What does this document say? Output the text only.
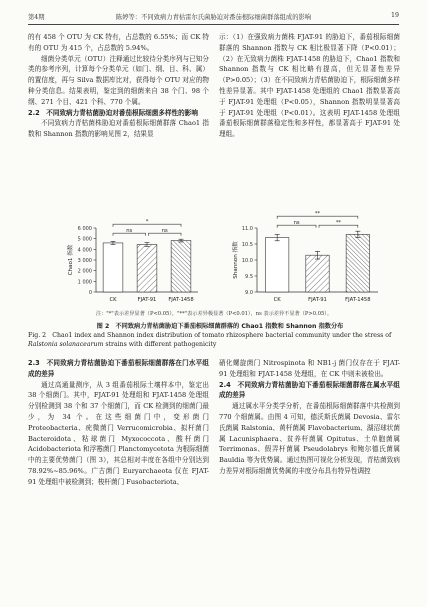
第4期	陈婷等：不同致病力青枯雷尔氏菌胁迫对番茄根际细菌群落组成的影响	19

的有 458 个 OTU 为 CK 特有，占总数的 6.55%；而 CK 特有的 OTU 为 415 个，占总数的 5.94%。

细菌分类单元（OTU）注释通过比较待分类序列与已知分类的参考序列，计算每个分类单元（如门、纲、目、科、属）的置信度，再与 Silva 数据库比对，获得每个 OTU 对应的物种分类信息。结果表明，鉴定到的细菌来自 38 个门、98 个纲、271 个目、421 个科、770 个属。

2.2　不同致病力青枯菌胁迫对番茄根际细菌多样性的影响

不同致病力青枯菌株胁迫对番茄根际细菌群落 Chao1 指数和 Shannon 指数的影响见图 2，结果显

示：（1）在强致病力菌株 FJAT-91 的胁迫下，番茄根际细菌群落的 Shannon 指数与 CK 相比极显著下降（P<0.01）；（2）在无致病力菌株 FJAT-1458 的胁迫下，Chao1 指数和 Shannon 指数与 CK 相比略有提高，但无显著性差异（P>0.05）；（3）在不同致病力青枯菌胁迫下，根际细菌多样性差异显著。其中 FJAT-1458 处理组的 Chao1 指数显著高于 FJAT-91 处理组（P<0.05），Shannon 指数明显显著高于 FJAT-91 处理组（P<0.01）。这表明 FJAT-1458 处理组番茄根际细菌群落稳定性和多样性，都显著高于 FJAT-91 处理组。

0
1 000
2 000
3 000
4 000
5 000
6 000
Chao1 指数
CK	FJAT-91 FJAT-1458
ns	ns
*
9.0
9.5
10.0
10.5
11.0
Shannon 指数
CK	FJAT-91	FJAT-1458
ns	**
**
注："*"表示差异显著（P<0.05），"**"表示差异极显著（P<0.01），ns 表示差异不显著（P>0.05）。
图 2　不同致病力青枯菌胁迫下番茄根际细菌群落的 Chao1 指数和 Shannon 指数分布
Fig. 2　Chao1 index and Shannon index distribution of tomato rhizosphere bacterial community under the stress of Ralstonia solanacearum strains with different pathogenicity

2.3　不同致病力青枯菌胁迫下番茄根际细菌群落在门水平组成的差异

通过高通量测序，从 3 组番茄根际土壤样本中，鉴定出 38 个细菌门。其中，FJAT-91 处理组和 FJAT-1458 处理组分别检测到 38 个和 37 个细菌门，而 CK 检测到的细菌门最少，为 34 个。在这些细菌门中，变形菌门 Proteobacteria、疣微菌门 Verrucomicrobia、拟杆菌门 Bacteroidota、粘球菌门 Myxococcota、酸杆菌门 Acidobacteriota 和浮霉菌门 Planctomycetota 为根际细菌中的主要优势菌门（图 3），其总相对丰度在各组中分别达到 78.92%~85.96%。广古菌门 Euryarchaeota 仅在 FJAT-91 处理组中被检测到；梭杆菌门 Fusobacteriota、

硝化螺旋菌门 Nitrospinota 和 NB1-j 菌门仅存在于 FJAT-91 处理组和 FJAT-1458 处理组，在 CK 中则未被检出。

2.4　不同致病力青枯菌胁迫下番茄根际细菌群落在属水平组成的差异

通过属水平分类学分析，在番茄根际细菌群落中共检测到 770 个细菌属。由图 4 可知，德沃斯氏菌属 Devosia、雷尔氏菌属 Ralstonia、黄杆菌属 Flavobacterium、湖沼球状菌属 Lacunisphaera、贫养杆菌属 Opitutus、土单胞菌属 Terrimonas、假弄杆菌属 Pseudolabrys 和鲍尔德氏菌属 Bauldia 等为优势属。通过热图可视化分析发现，青枯菌致病力差异对根际细菌优势属的丰度分布具有特异性调控
